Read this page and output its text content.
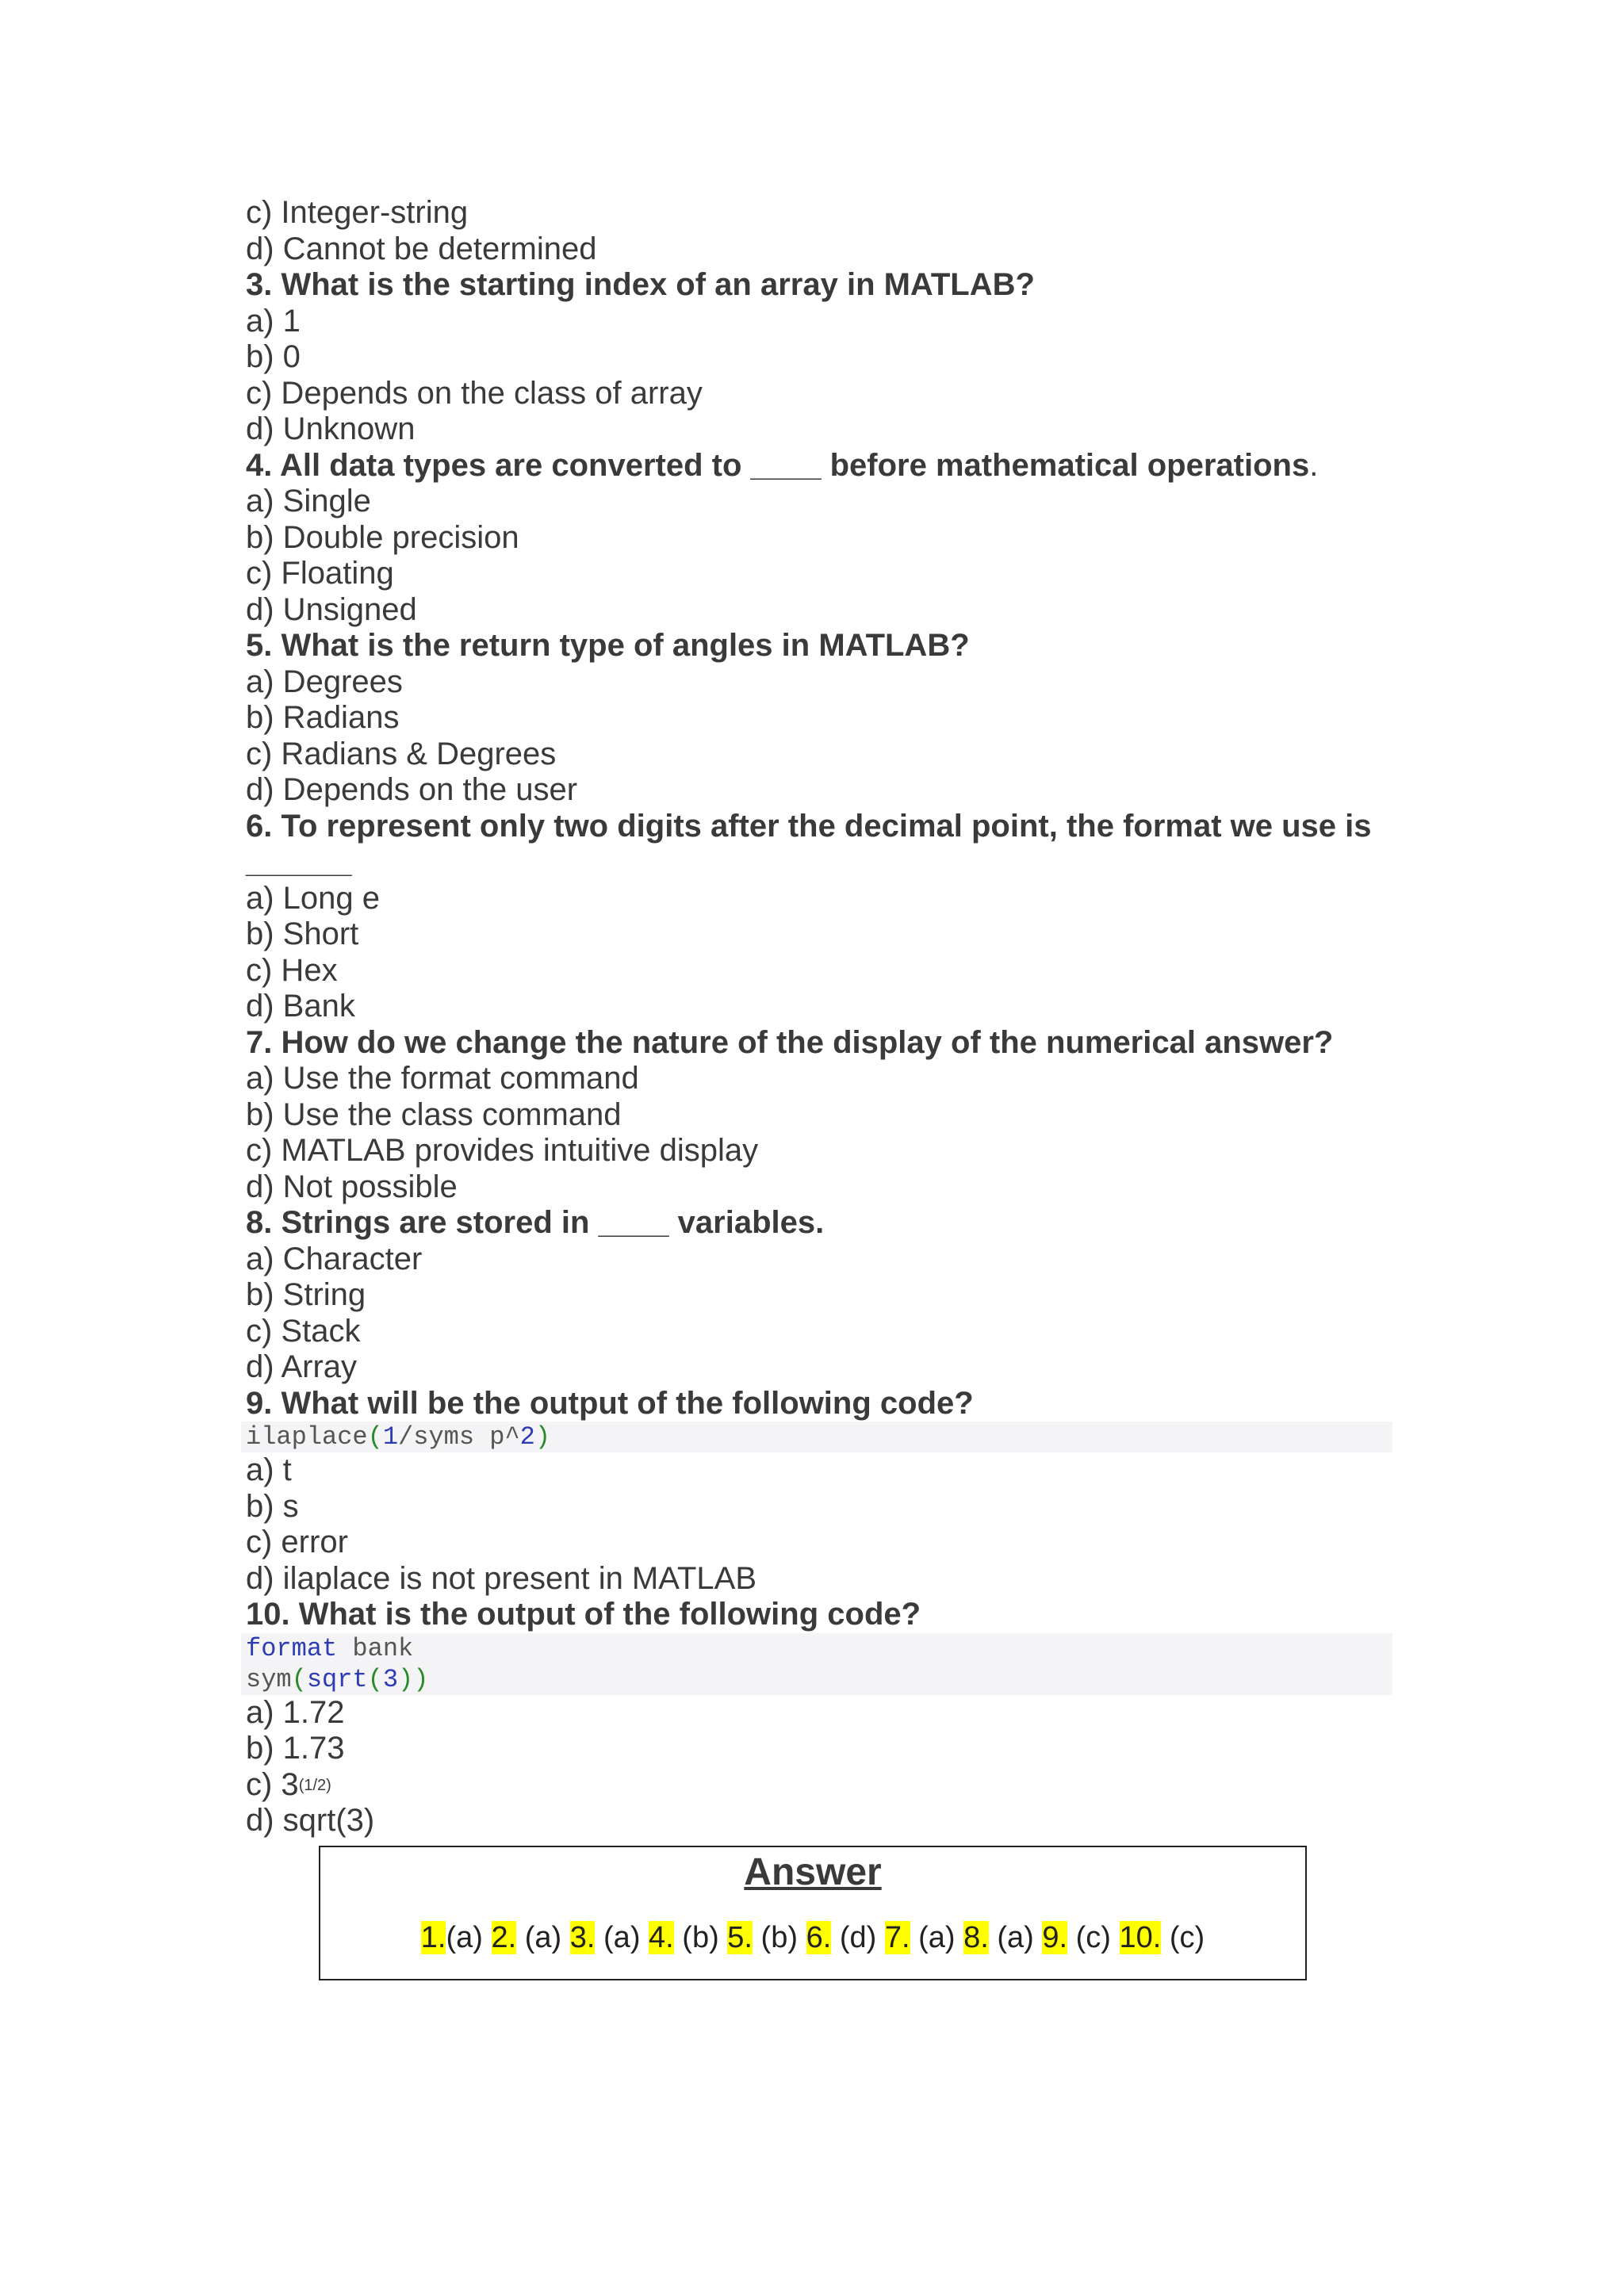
c) Integer-string
d) Cannot be determined
3. What is the starting index of an array in MATLAB?
a) 1
b) 0
c) Depends on the class of array
d) Unknown
4. All data types are converted to ____ before mathematical operations.
a) Single
b) Double precision
c) Floating
d) Unsigned
5. What is the return type of angles in MATLAB?
a) Degrees
b) Radians
c) Radians & Degrees
d) Depends on the user
6. To represent only two digits after the decimal point, the format we use is
______
a) Long e
b) Short
c) Hex
d) Bank
7. How do we change the nature of the display of the numerical answer?
a) Use the format command
b) Use the class command
c) MATLAB provides intuitive display
d) Not possible
8. Strings are stored in ____ variables.
a) Character
b) String
c) Stack
d) Array
9. What will be the output of the following code?
ilaplace(1/syms p^2)
a) t
b) s
c) error
d) ilaplace is not present in MATLAB
10. What is the output of the following code?
format bank
sym(sqrt(3))
a) 1.72
b) 1.73
c) $3^{(1/2)}$
d) sqrt(3)
Answer
1.(a) 2. (a) 3. (a) 4. (b) 5. (b) 6. (d) 7. (a) 8. (a) 9. (c) 10. (c)
